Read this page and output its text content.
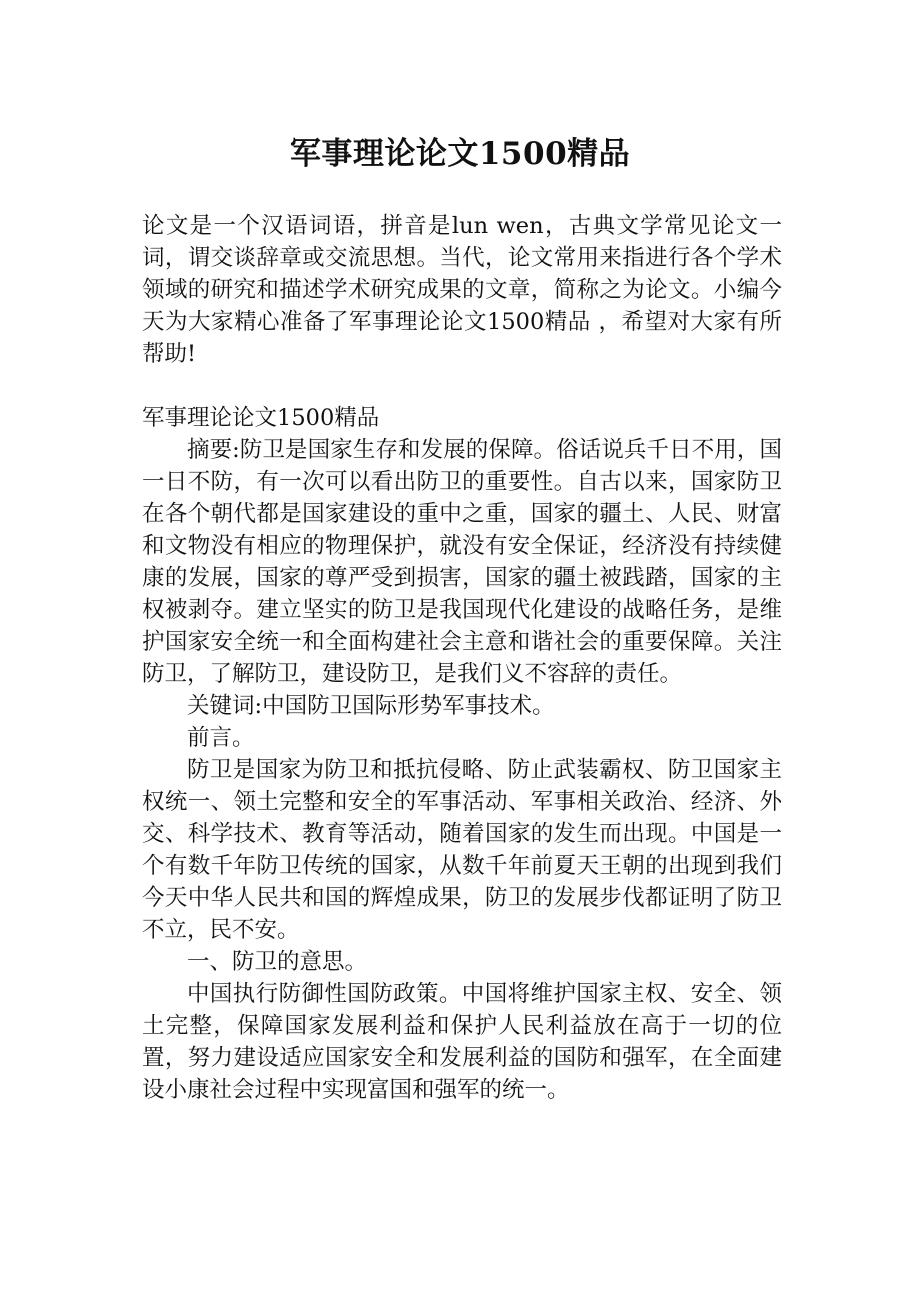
军事理论论文1500精品

论文是一个汉语词语，拼音是lun wen，古典文学常见论文一词，谓交谈辞章或交流思想。当代，论文常用来指进行各个学术领域的研究和描述学术研究成果的文章，简称之为论文。小编今天为大家精心准备了军事理论论文1500精品 ，希望对大家有所帮助!

军事理论论文1500精品

摘要:防卫是国家生存和发展的保障。俗话说兵千日不用，国一日不防，有一次可以看出防卫的重要性。自古以来，国家防卫在各个朝代都是国家建设的重中之重，国家的疆土、人民、财富和文物没有相应的物理保护，就没有安全保证，经济没有持续健康的发展，国家的尊严受到损害，国家的疆土被践踏，国家的主权被剥夺。建立坚实的防卫是我国现代化建设的战略任务，是维护国家安全统一和全面构建社会主意和谐社会的重要保障。关注防卫，了解防卫，建设防卫，是我们义不容辞的责任。

关键词:中国防卫国际形势军事技术。

前言。

防卫是国家为防卫和抵抗侵略、防止武装霸权、防卫国家主权统一、领土完整和安全的军事活动、军事相关政治、经济、外交、科学技术、教育等活动，随着国家的发生而出现。中国是一个有数千年防卫传统的国家，从数千年前夏天王朝的出现到我们今天中华人民共和国的辉煌成果，防卫的发展步伐都证明了防卫不立，民不安。

一、防卫的意思。

中国执行防御性国防政策。中国将维护国家主权、安全、领土完整，保障国家发展利益和保护人民利益放在高于一切的位置，努力建设适应国家安全和发展利益的国防和强军，在全面建设小康社会过程中实现富国和强军的统一。
